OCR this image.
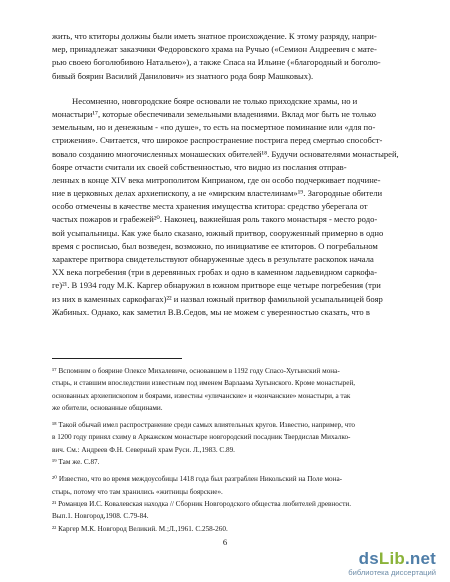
жить, что ктиторы должны были иметь знатное происхождение. К этому разряду, напри-
мер, принадлежат заказчики Федоровского храма на Ручью («Семион Андреевич с мате-
рью своею боголюбивою Натальею»), а также Спаса на Ильине («благородный и боголю-
бивый боярин Василий Данилович» из знатного рода бояр Машковых).
Несомненно, новгородские бояре основали не только приходские храмы, но и
монастыри¹⁷, которые обеспечивали земельными владениями. Вклад мог быть не только
земельным, но и денежным - «по душе», то есть на посмертное поминание или «для по-
стрижения». Считается, что широкое распространение пострига перед смертью способст-
вовало созданию многочисленных монашеских обителей¹⁸. Будучи основателями монастырей,
бояре отчасти считали их своей собственностью, что видно из послания отправ-
ленных в конце XIV века митрополитом Киприаном, где он особо подчеркивает подчине-
ние в церковных делах архиепископу, а не «мирским властелинам»¹⁹. Загородные обители
особо отмечены в качестве места хранения имущества ктитора: средство уберегала от
частых пожаров и грабежей²⁰. Наконец, важнейшая роль такого монастыря - место родо-
вой усыпальницы. Как уже было сказано, южный притвор, сооруженный примерно в одно
время с росписью, был возведен, возможно, по инициативе ее ктиторов. О погребальном
характере притвора свидетельствуют обнаруженные здесь в результате раскопок начала
XX века погребения (три в деревянных гробах и одно в каменном ладьевидном саркофа-
ге)²¹. В 1934 году М.К. Каргер обнаружил в южном притворе еще четыре погребения (три
из них в каменных саркофагах)²² и назвал южный притвор фамильной усыпальницей бояр
Жабиных. Однако, как заметил В.В.Седов, мы не можем с уверенностью сказать, что в
¹⁷ Вспомним о боярине Олексе Михалевиче, основавшем в 1192 году Спасо-Хутынский мона-
стырь, и ставшим впоследствии известным под именем Варлаама Хутынского. Кроме монастырей,
основанных архиепископом и боярами, известны «уличанские» и «кончанские» монастыри, а так
же обители, основанные общинами.
¹⁸ Такой обычай имел распространение среди самых влиятельных кругов. Известно, например, что
в 1200 году принял схиму в Аркажском монастыре новгородский посадник Твердислав Михалко-
вич. См.: Андреев Ф.Н. Северный храм Руси. Л.,1983. С.89.
¹⁹ Там же. С.87.
²⁰ Известно, что во время междоусобицы 1418 года был разграблен Никольский на Поле мона-
стырь, потому что там хранились «житницы боярские».
²¹ Романцев И.С. Ковалевская находка // Сборник Новгородского общества любителей древности.
Вып.1. Новгород,1908. С.79-84.
²² Каргер М.К. Новгород Великий. М.;Л.,1961. С.258-260.
6
dsLib.net
библиотека диссертаций
